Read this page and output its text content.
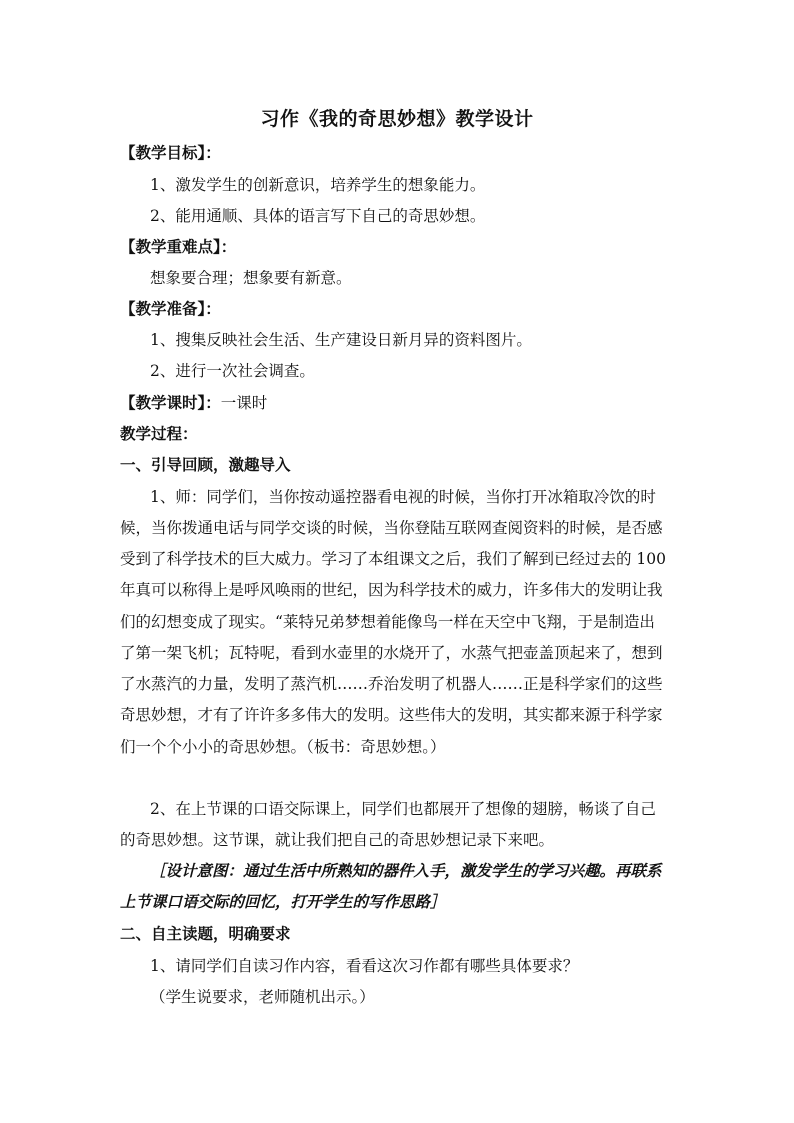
习作《我的奇思妙想》教学设计
【教学目标】：
1、激发学生的创新意识，培养学生的想象能力。
2、能用通顺、具体的语言写下自己的奇思妙想。
【教学重难点】：
想象要合理；想象要有新意。
【教学准备】：
1、搜集反映社会生活、生产建设日新月异的资料图片。
2、进行一次社会调查。
【教学课时】：一课时
教学过程：
一、引导回顾，激趣导入
1、师：同学们，当你按动遥控器看电视的时候，当你打开冰箱取冷饮的时
候，当你拨通电话与同学交谈的时候，当你登陆互联网查阅资料的时候，是否感
受到了科学技术的巨大威力。学习了本组课文之后，我们了解到已经过去的 100
年真可以称得上是呼风唤雨的世纪，因为科学技术的威力，许多伟大的发明让我
们的幻想变成了现实。“莱特兄弟梦想着能像鸟一样在天空中飞翔，于是制造出
了第一架飞机；瓦特呢，看到水壶里的水烧开了，水蒸气把壶盖顶起来了，想到
了水蒸汽的力量，发明了蒸汽机……乔治发明了机器人……正是科学家们的这些
奇思妙想，才有了许许多多伟大的发明。这些伟大的发明，其实都来源于科学家
们一个个小小的奇思妙想。（板书：奇思妙想。）
2、在上节课的口语交际课上，同学们也都展开了想像的翅膀，畅谈了自己
的奇思妙想。这节课，就让我们把自己的奇思妙想记录下来吧。
［设计意图：通过生活中所熟知的器件入手，激发学生的学习兴趣。再联系
上节课口语交际的回忆，打开学生的写作思路］
二、自主读题，明确要求
1、请同学们自读习作内容，看看这次习作都有哪些具体要求？
（学生说要求，老师随机出示。）
